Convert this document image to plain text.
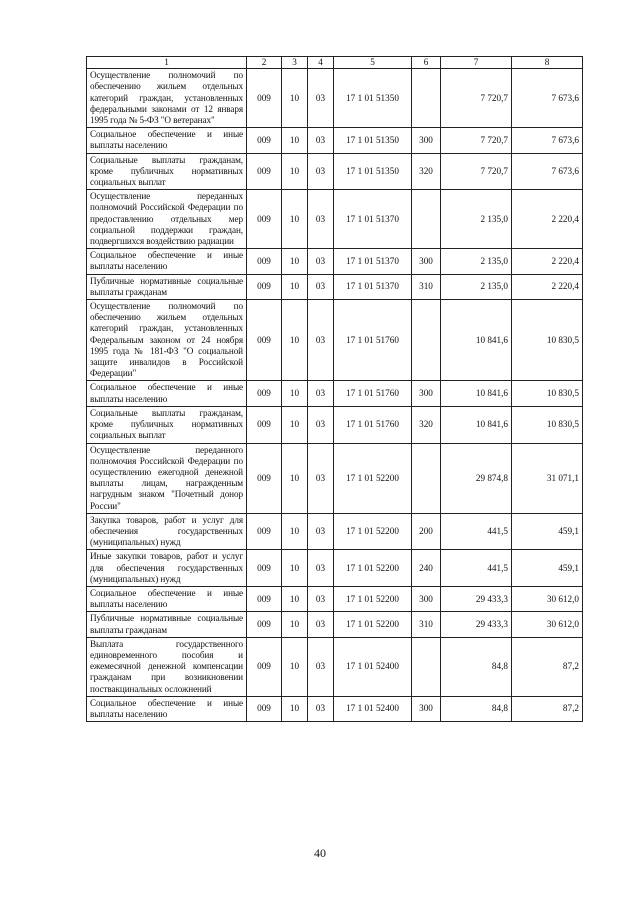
1	2	3	4	5	6	7	8
Осуществление полномочий по обеспечению жильем отдельных категорий граждан, установленных федеральными законами от 12 января 1995 года № 5-ФЗ "О ветеранах"	009	10	03	17 1 01 51350		7 720,7	7 673,6
Социальное обеспечение и иные выплаты населению	009	10	03	17 1 01 51350	300	7 720,7	7 673,6
Социальные выплаты гражданам, кроме публичных нормативных социальных выплат	009	10	03	17 1 01 51350	320	7 720,7	7 673,6
Осуществление переданных полномочий Российской Федерации по предоставлению отдельных мер социальной поддержки граждан, подвергшихся воздействию радиации	009	10	03	17 1 01 51370		2 135,0	2 220,4
Социальное обеспечение и иные выплаты населению	009	10	03	17 1 01 51370	300	2 135,0	2 220,4
Публичные нормативные социальные выплаты гражданам	009	10	03	17 1 01 51370	310	2 135,0	2 220,4
Осуществление полномочий по обеспечению жильем отдельных категорий граждан, установленных Федеральным законом от 24 ноября 1995 года № 181-ФЗ "О социальной защите инвалидов в Российской Федерации"	009	10	03	17 1 01 51760		10 841,6	10 830,5
Социальное обеспечение и иные выплаты населению	009	10	03	17 1 01 51760	300	10 841,6	10 830,5
Социальные выплаты гражданам, кроме публичных нормативных социальных выплат	009	10	03	17 1 01 51760	320	10 841,6	10 830,5
Осуществление переданного полномочия Российской Федерации по осуществлению ежегодной денежной выплаты лицам, награжденным нагрудным знаком "Почетный донор России"	009	10	03	17 1 01 52200		29 874,8	31 071,1
Закупка товаров, работ и услуг для обеспечения государственных (муниципальных) нужд	009	10	03	17 1 01 52200	200	441,5	459,1
Иные закупки товаров, работ и услуг для обеспечения государственных (муниципальных) нужд	009	10	03	17 1 01 52200	240	441,5	459,1
Социальное обеспечение и иные выплаты населению	009	10	03	17 1 01 52200	300	29 433,3	30 612,0
Публичные нормативные социальные выплаты гражданам	009	10	03	17 1 01 52200	310	29 433,3	30 612,0
Выплата государственного единовременного пособия и ежемесячной денежной компенсации гражданам при возникновении поствакцинальных осложнений	009	10	03	17 1 01 52400		84,8	87,2
Социальное обеспечение и иные выплаты населению	009	10	03	17 1 01 52400	300	84,8	87,2
40
